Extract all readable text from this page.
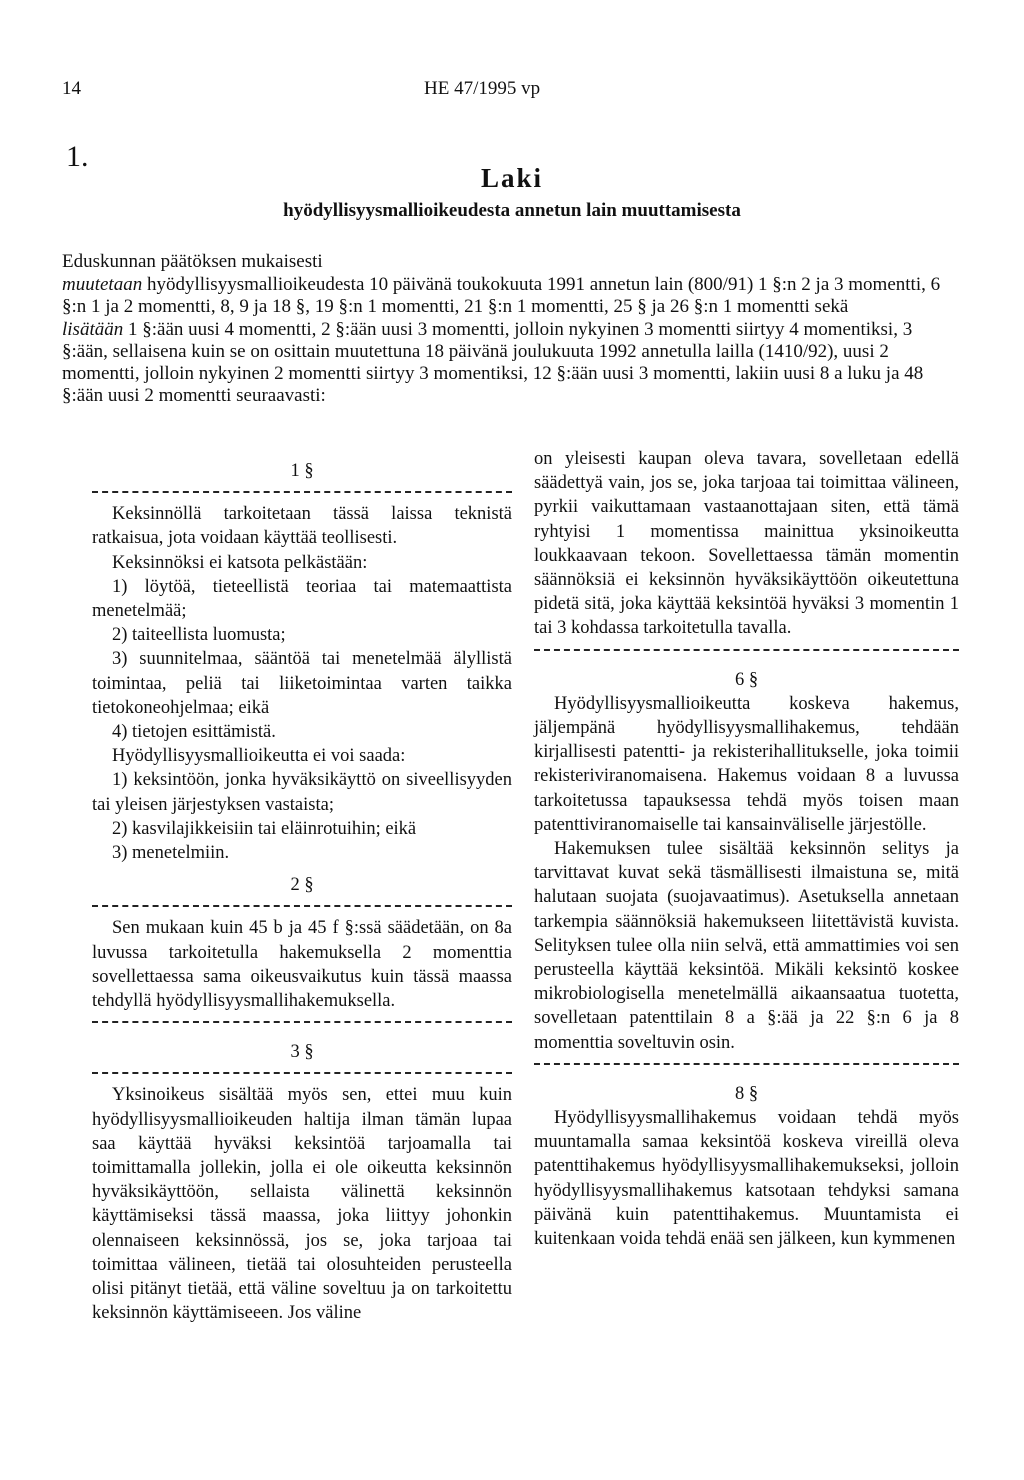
14	HE 47/1995 vp
1.
Laki
hyödyllisyysmallioikeudesta annetun lain muuttamisesta

Eduskunnan päätöksen mukaisesti

muutetaan hyödyllisyysmallioikeudesta 10 päivänä toukokuuta 1991 annetun lain (800/91) 1 §:n 2 ja 3 momentti, 6 §:n 1 ja 2 momentti, 8, 9 ja 18 §, 19 §:n 1 momentti, 21 §:n 1 momentti, 25 § ja 26 §:n 1 momentti sekä

lisätään 1 §:ään uusi 4 momentti, 2 §:ään uusi 3 momentti, jolloin nykyinen 3 momentti siirtyy 4 momentiksi, 3 §:ään, sellaisena kuin se on osittain muutettuna 18 päivänä joulukuuta 1992 annetulla lailla (1410/92), uusi 2 momentti, jolloin nykyinen 2 momentti siirtyy 3 momentiksi, 12 §:ään uusi 3 momentti, lakiin uusi 8 a luku ja 48 §:ään uusi 2 momentti seuraavasti:

1 §

Keksinnöllä tarkoitetaan tässä laissa teknistä ratkaisua, jota voidaan käyttää teollisesti.

Keksinnöksi ei katsota pelkästään:

1) löytöä, tieteellistä teoriaa tai matemaattista menetelmää;

2) taiteellista luomusta;

3) suunnitelmaa, sääntöä tai menetelmää älyllistä toimintaa, peliä tai liiketoimintaa varten taikka tietokoneohjelmaa; eikä

4) tietojen esittämistä.

Hyödyllisyysmallioikeutta ei voi saada:

1) keksintöön, jonka hyväksikäyttö on siveellisyyden tai yleisen järjestyksen vastaista;

2) kasvilajikkeisiin tai eläinrotuihin; eikä

3) menetelmiin.

2 §

Sen mukaan kuin 45 b ja 45 f §:ssä säädetään, on 8a luvussa tarkoitetulla hakemuksella 2 momenttia sovellettaessa sama oikeusvaikutus kuin tässä maassa tehdyllä hyödyllisyysmallihakemuksella.

3 §

Yksinoikeus sisältää myös sen, ettei muu kuin hyödyllisyysmallioikeuden haltija ilman tämän lupaa saa käyttää hyväksi keksintöä tarjoamalla tai toimittamalla jollekin, jolla ei ole oikeutta keksinnön hyväksikäyttöön, sellaista välinettä keksinnön käyttämiseksi tässä maassa, joka liittyy johonkin olennaiseen keksinnössä, jos se, joka tarjoaa tai toimittaa välineen, tietää tai olosuhteiden perusteella olisi pitänyt tietää, että väline soveltuu ja on tarkoitettu keksinnön käyttämiseeen. Jos väline

on yleisesti kaupan oleva tavara, sovelletaan edellä säädettyä vain, jos se, joka tarjoaa tai toimittaa välineen, pyrkii vaikuttamaan vastaanottajaan siten, että tämä ryhtyisi 1 momentissa mainittua yksinoikeutta loukkaavaan tekoon. Sovellettaessa tämän momentin säännöksiä ei keksinnön hyväksikäyttöön oikeutettuna pidetä sitä, joka käyttää keksintöä hyväksi 3 momentin 1 tai 3 kohdassa tarkoitetulla tavalla.

6 §

Hyödyllisyysmallioikeutta koskeva hakemus, jäljempänä hyödyllisyysmallihakemus, tehdään kirjallisesti patentti- ja rekisterihallitukselle, joka toimii rekisteriviranomaisena. Hakemus voidaan 8 a luvussa tarkoitetussa tapauksessa tehdä myös toisen maan patenttiviranomaiselle tai kansainväliselle järjestölle.

Hakemuksen tulee sisältää keksinnön selitys ja tarvittavat kuvat sekä täsmällisesti ilmaistuna se, mitä halutaan suojata (suojavaatimus). Asetuksella annetaan tarkempia säännöksiä hakemukseen liitettävistä kuvista. Selityksen tulee olla niin selvä, että ammattimies voi sen perusteella käyttää keksintöä. Mikäli keksintö koskee mikrobiologisella menetelmällä aikaansaatua tuotetta, sovelletaan patenttilain 8 a §:ää ja 22 §:n 6 ja 8 momenttia soveltuvin osin.

8 §

Hyödyllisyysmallihakemus voidaan tehdä myös muuntamalla samaa keksintöä koskeva vireillä oleva patenttihakemus hyödyllisyysmallihakemukseksi, jolloin hyödyllisyysmallihakemus katsotaan tehdyksi samana päivänä kuin patenttihakemus. Muuntamista ei kuitenkaan voida tehdä enää sen jälkeen, kun kymmenen
